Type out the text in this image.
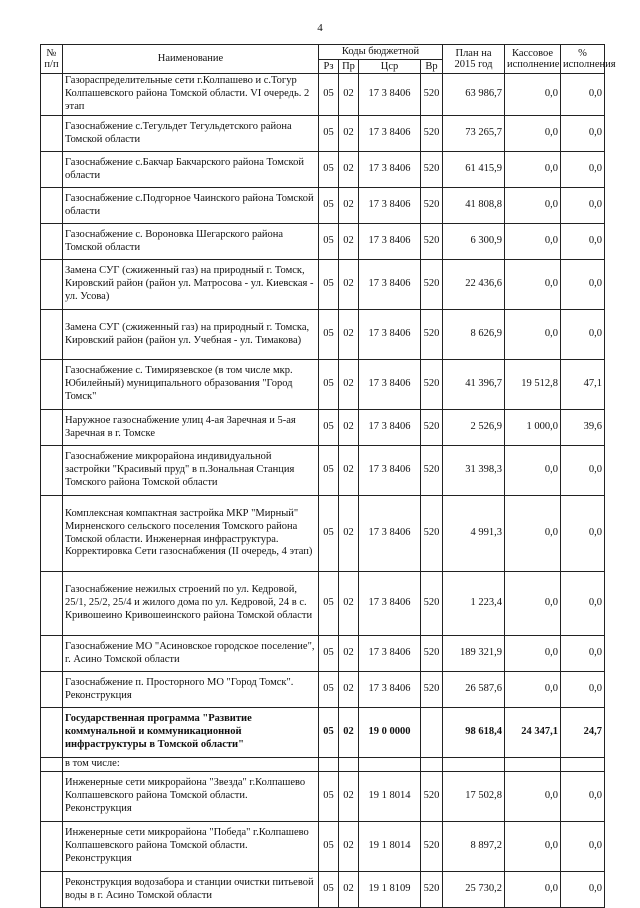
4
№ п/п	Наименование	Коды бюджетной				План на 2015 год	Кассовое исполнение	% исполнения
		Рз	Пр	Цср	Вр			
	Газораспределительные сети г.Колпашево и с.Тогур Колпашевского района Томской области. VI очередь. 2 этап	05	02	17 3 8406	520	63 986,7	0,0	0,0
	Газоснабжение с.Тегульдет Тегульдетского района Томской области	05	02	17 3 8406	520	73 265,7	0,0	0,0
	Газоснабжение с.Бакчар Бакчарского района Томской области	05	02	17 3 8406	520	61 415,9	0,0	0,0
	Газоснабжение с.Подгорное Чаинского района Томской области	05	02	17 3 8406	520	41 808,8	0,0	0,0
	Газоснабжение с. Вороновка Шегарского района Томской области	05	02	17 3 8406	520	6 300,9	0,0	0,0
	Замена СУГ (сжиженный газ) на природный г. Томск, Кировский район (район ул. Матросова - ул. Киевская - ул. Усова)	05	02	17 3 8406	520	22 436,6	0,0	0,0
	Замена СУГ (сжиженный газ) на природный г. Томска, Кировский район (район ул. Учебная - ул. Тимакова)	05	02	17 3 8406	520	8 626,9	0,0	0,0
	Газоснабжение с. Тимирязевское (в том числе мкр. Юбилейный) муниципального образования "Город Томск"	05	02	17 3 8406	520	41 396,7	19 512,8	47,1
	Наружное газоснабжение улиц 4-ая Заречная и 5-ая Заречная в г. Томске	05	02	17 3 8406	520	2 526,9	1 000,0	39,6
	Газоснабжение микрорайона индивидуальной застройки "Красивый пруд" в п.Зональная Станция Томского района Томской области	05	02	17 3 8406	520	31 398,3	0,0	0,0
	Комплексная компактная застройка МКР "Мирный" Мирненского сельского поселения Томского района Томской области. Инженерная инфраструктура. Корректировка Сети газоснабжения (II очередь, 4 этап)	05	02	17 3 8406	520	4 991,3	0,0	0,0
	Газоснабжение нежилых строений по ул. Кедровой, 25/1, 25/2, 25/4 и жилого дома по ул. Кедровой, 24 в с. Кривошеино Кривошеинского района Томской области	05	02	17 3 8406	520	1 223,4	0,0	0,0
	Газоснабжение МО "Асиновское городское поселение", г. Асино Томской области	05	02	17 3 8406	520	189 321,9	0,0	0,0
	Газоснабжение п. Просторного МО "Город Томск". Реконструкция	05	02	17 3 8406	520	26 587,6	0,0	0,0
	Государственная программа "Развитие коммунальной и коммуникационной инфраструктуры в Томской области"	05	02	19 0 0000		98 618,4	24 347,1	24,7
	в том числе:							
	Инженерные сети микрорайона "Звезда" г.Колпашево Колпашевского района Томской области. Реконструкция	05	02	19 1 8014	520	17 502,8	0,0	0,0
	Инженерные сети микрорайона "Победа" г.Колпашево Колпашевского района Томской области. Реконструкция	05	02	19 1 8014	520	8 897,2	0,0	0,0
	Реконструкция водозабора и станции очистки питьевой воды в г. Асино Томской области	05	02	19 1 8109	520	25 730,2	0,0	0,0
